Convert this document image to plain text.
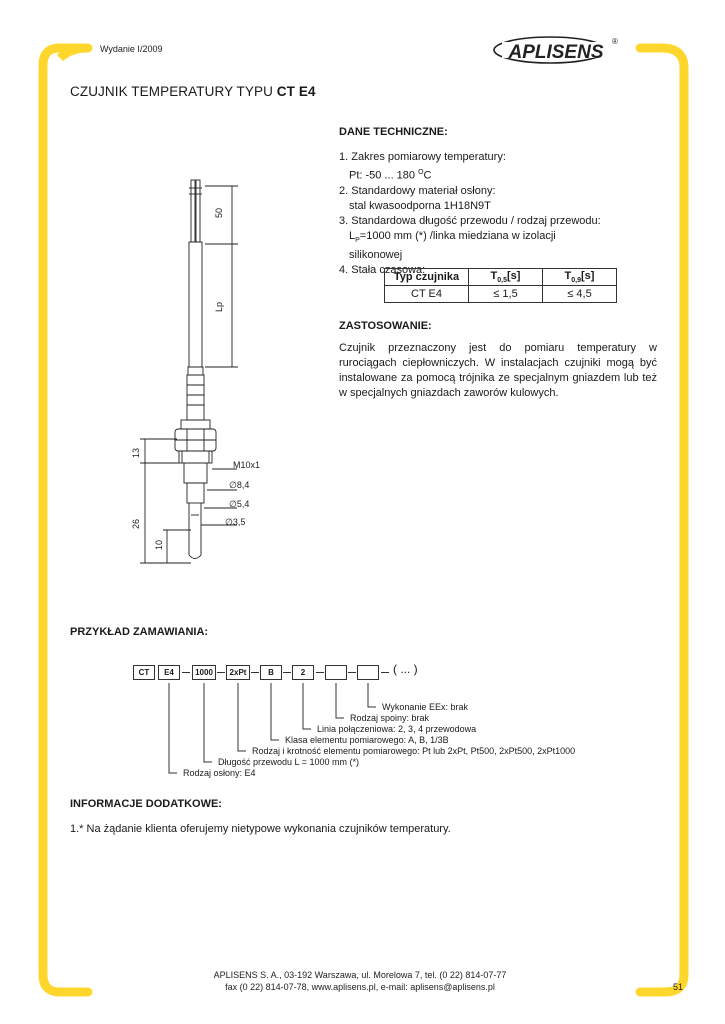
Wydanie I/2009	APLISENS
®
CZUJNIK TEMPERATURY TYPU CT E4
50
Lp
13
26
10
M10x1
∅8,4
∅5,4
∅3,5
DANE TECHNICZNE:
1. Zakres pomiarowy temperatury:
Pt: -50 ... 180 $^O$C
2. Standardowy materiał osłony:
stal kwasoodporna 1H18N9T
3. Standardowa długość przewodu / rodzaj przewodu:
$L_P=1000$ mm (*) /linka miedziana w izolacji
silikonowej
4. Stała czasowa:
Typ czujnika	$T_{0,5}[s]$	$T_{0,9}[s]$
CT E4	≤ 1,5	≤ 4,5
ZASTOSOWANIE:
Czujnik przeznaczony jest do pomiaru temperatury w rurociągach ciepłowniczych. W instalacjach czujniki mogą być instalowane za pomocą trójnika ze specjalnym gniazdem lub też w specjalnych gniazdach zaworów kulowych.
PRZYKŁAD ZAMAWIANIA:
CT	E4	1000	2xPt	B	2	( ... )
Wykonanie EEx: brak
Rodzaj spoiny: brak
Linia połączeniowa: 2, 3, 4 przewodowa
Klasa elementu pomiarowego: A, B, 1/3B
Rodzaj i krotność elementu pomiarowego: Pt lub 2xPt, Pt500, 2xPt500, 2xPt1000
Długość przewodu L = 1000 mm (*)
Rodzaj osłony: E4
INFORMACJE DODATKOWE:
1.* Na żądanie klienta oferujemy nietypowe wykonania czujników temperatury.
APLISENS S. A., 03-192 Warszawa, ul. Morelowa 7, tel. (0 22) 814-07-77
fax (0 22) 814-07-78, www.aplisens.pl, e-mail: aplisens@aplisens.pl	51
